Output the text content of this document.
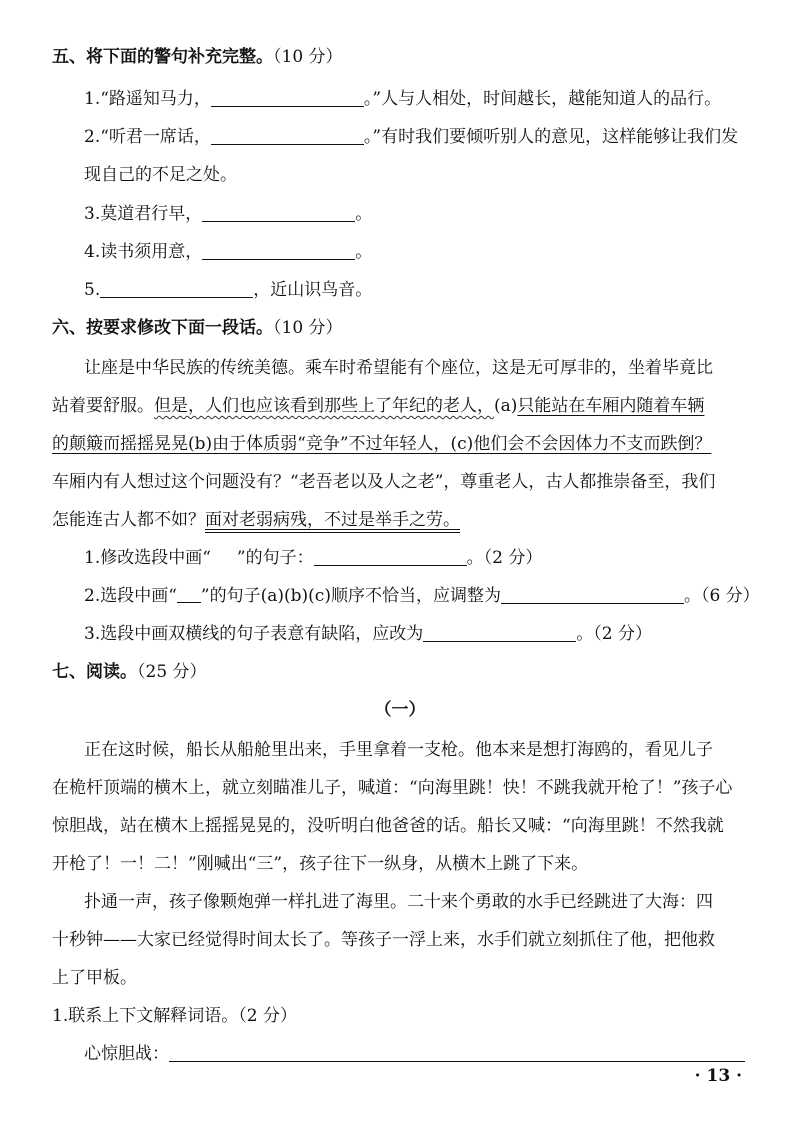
五、将下面的警句补充完整。（10 分）
1.“路遥知马力，	。”人与人相处，时间越长，越能知道人的品行。
2.“听君一席话，	。”有时我们要倾听别人的意见，这样能够让我们发
现自己的不足之处。
3.莫道君行早，	。
4.读书须用意，	。
5.	，近山识鸟音。
六、按要求修改下面一段话。（10 分）
让座是中华民族的传统美德。乘车时希望能有个座位，这是无可厚非的，坐着毕竟比
站着要舒服。但是，人们也应该看到那些上了年纪的老人，(a)只能站在车厢内随着车辆
的颠簸而摇摇晃晃(b)由于体质弱“竞争”不过年轻人，(c)他们会不会因体力不支而跌倒？
车厢内有人想过这个问题没有？“老吾老以及人之老”，尊重老人，古人都推崇备至，我们
怎能连古人都不如？面对老弱病残，不过是举手之劳。
1.修改选段中画“ ”的句子：	。（2 分）
2.选段中画“ ”的句子(a)(b)(c)顺序不恰当，应调整为	。（6 分）
3.选段中画双横线的句子表意有缺陷，应改为	。（2 分）
七、阅读。（25 分）
（一）
正在这时候，船长从船舱里出来，手里拿着一支枪。他本来是想打海鸥的，看见儿子
在桅杆顶端的横木上，就立刻瞄准儿子，喊道：“向海里跳！快！不跳我就开枪了！”孩子心
惊胆战，站在横木上摇摇晃晃的，没听明白他爸爸的话。船长又喊：“向海里跳！不然我就
开枪了！一！二！”刚喊出“三”，孩子往下一纵身，从横木上跳了下来。
扑通一声，孩子像颗炮弹一样扎进了海里。二十来个勇敢的水手已经跳进了大海：四
十秒钟——大家已经觉得时间太长了。等孩子一浮上来，水手们就立刻抓住了他，把他救
上了甲板。
1.联系上下文解释词语。（2 分）
心惊胆战：
· 13 ·
